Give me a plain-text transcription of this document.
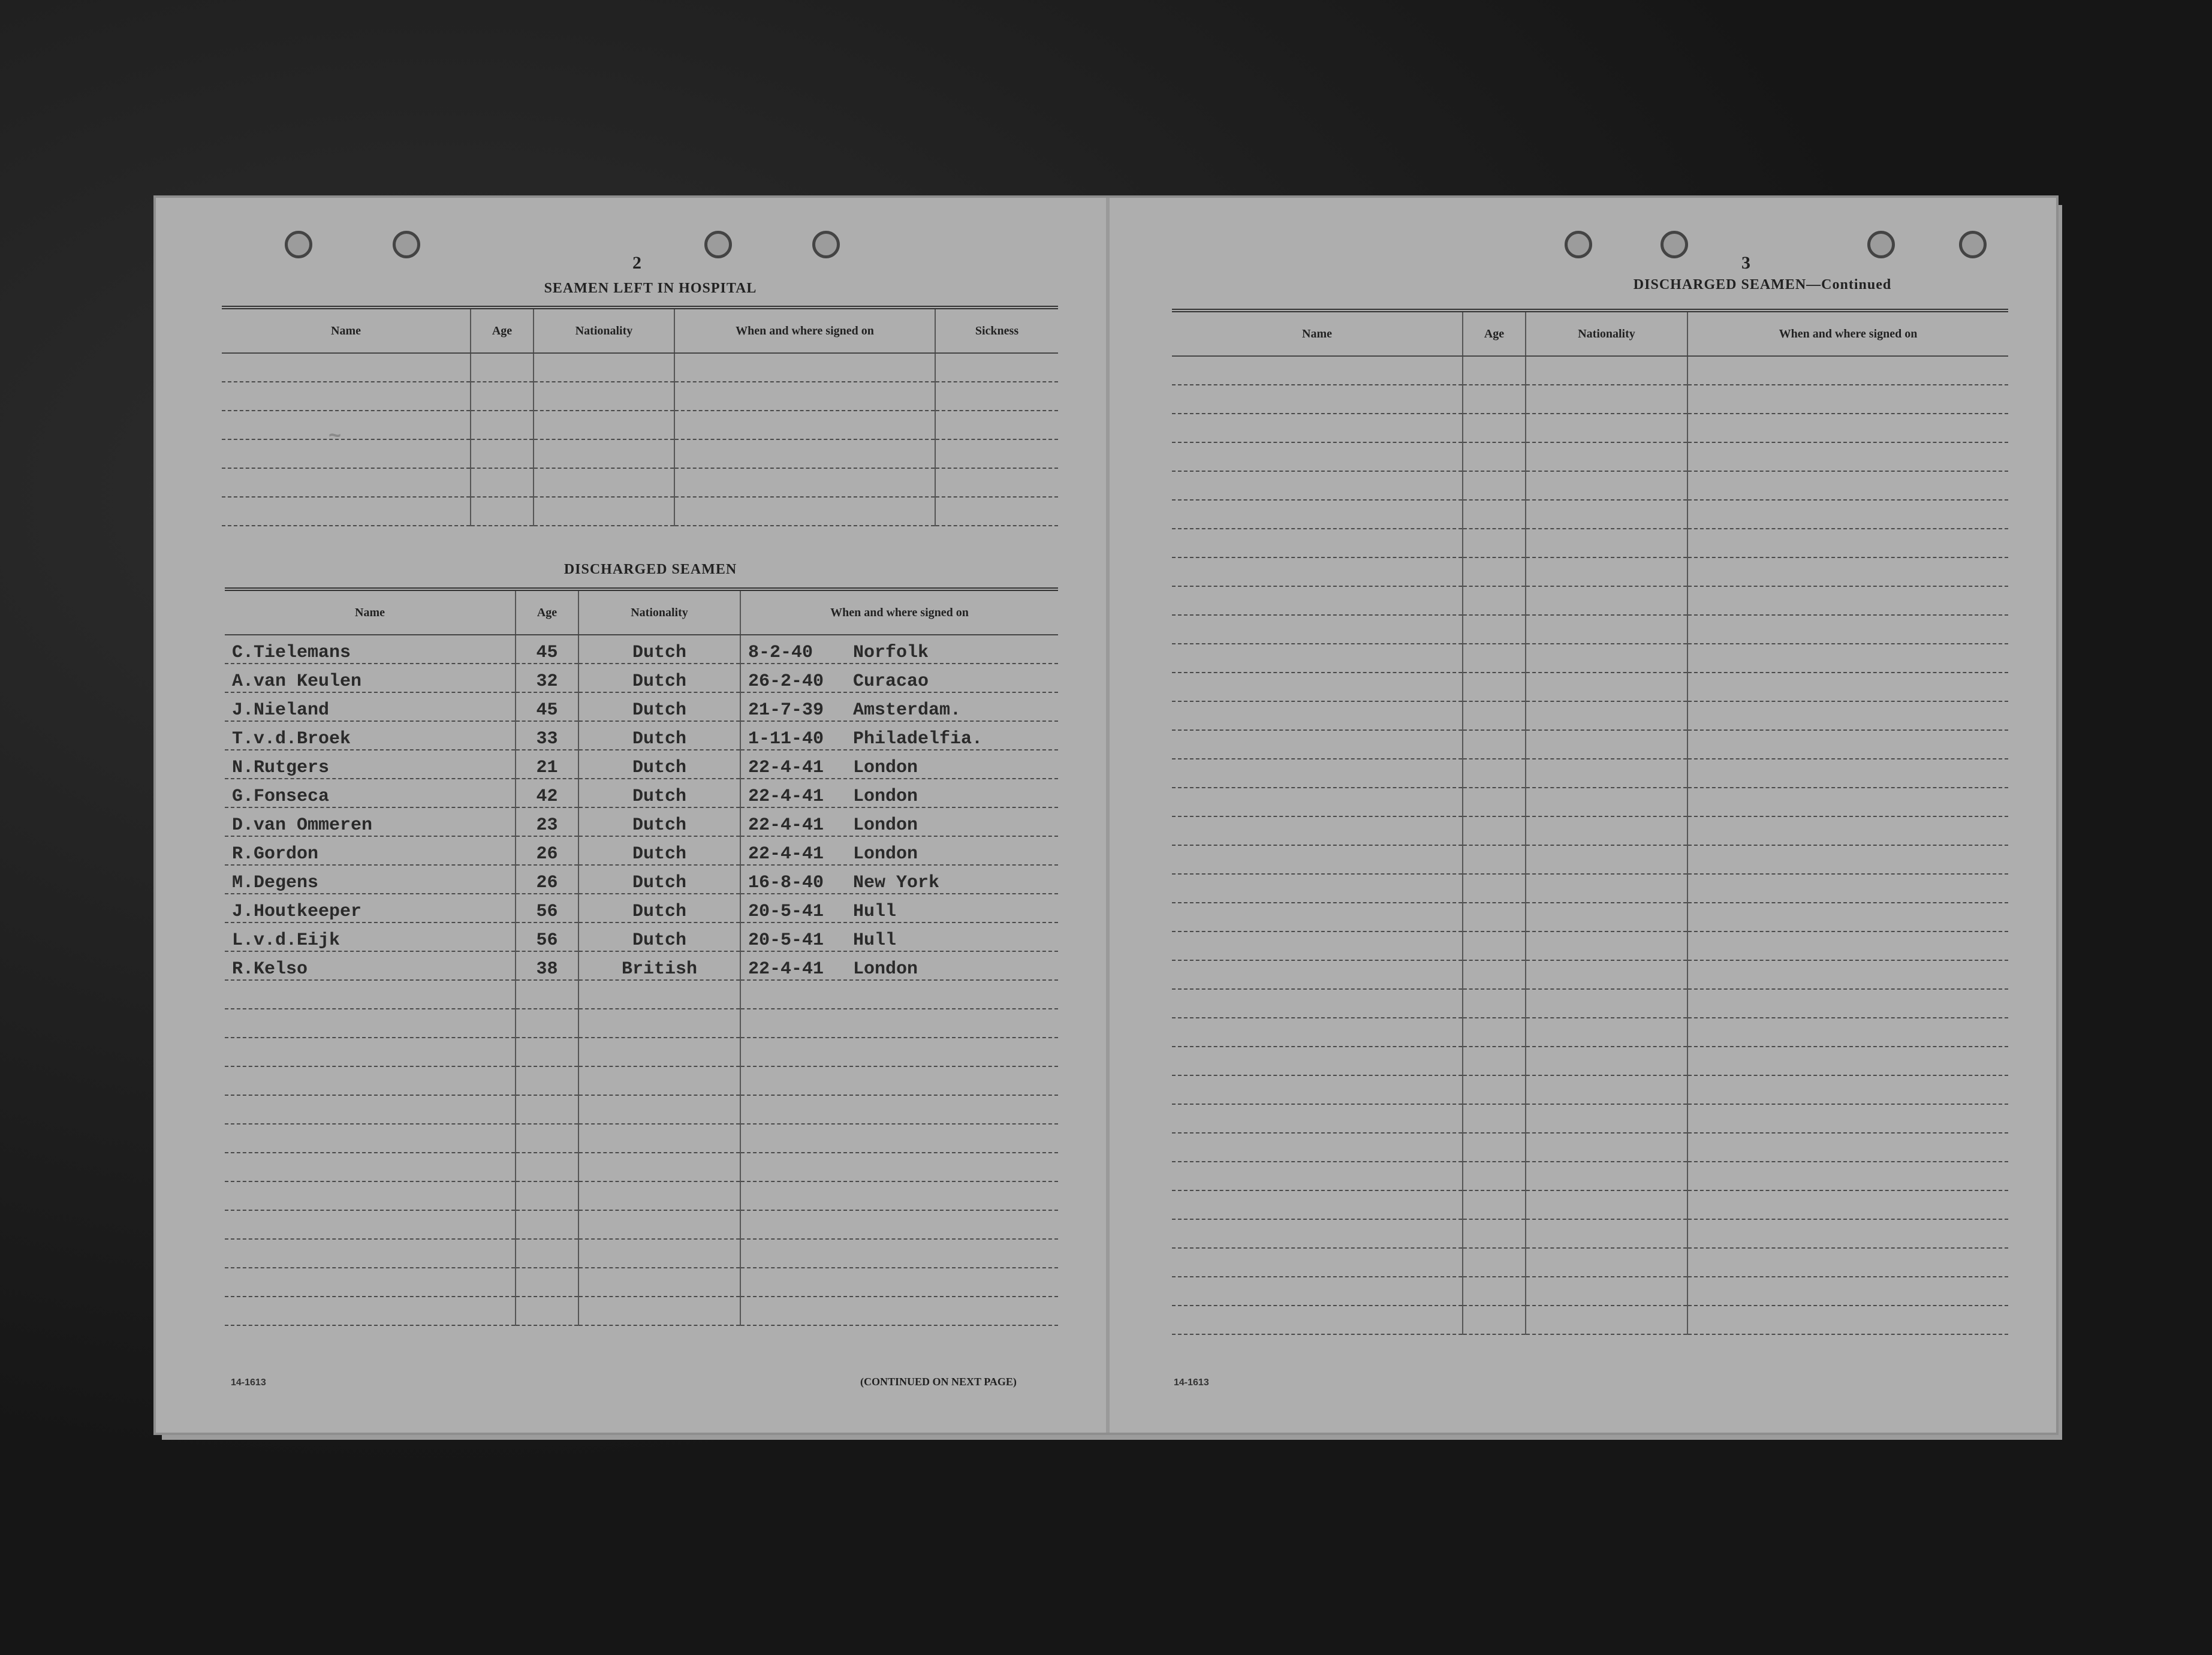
2
SEAMEN LEFT IN HOSPITAL
~
Name	Age	Nationality	When and where signed on	Sickness

DISCHARGED SEAMEN
Name	Age	Nationality	When and where signed on
C.Tielemans	45	Dutch	8-2-40 Norfolk
A.van Keulen	32	Dutch	26-2-40 Curacao
J.Nieland	45	Dutch	21-7-39 Amsterdam.
T.v.d.Broek	33	Dutch	1-11-40 Philadelfia.
N.Rutgers	21	Dutch	22-4-41 London
G.Fonseca	42	Dutch	22-4-41 London
D.van Ommeren	23	Dutch	22-4-41 London
R.Gordon	26	Dutch	22-4-41 London
M.Degens	26	Dutch	16-8-40 New York
J.Houtkeeper	56	Dutch	20-5-41 Hull
L.v.d.Eijk	56	Dutch	20-5-41 Hull
R.Kelso	38	British	22-4-41 London

14-1613	(CONTINUED ON NEXT PAGE)
3
DISCHARGED SEAMEN—Continued
Name	Age	Nationality	When and where signed on

14-1613
